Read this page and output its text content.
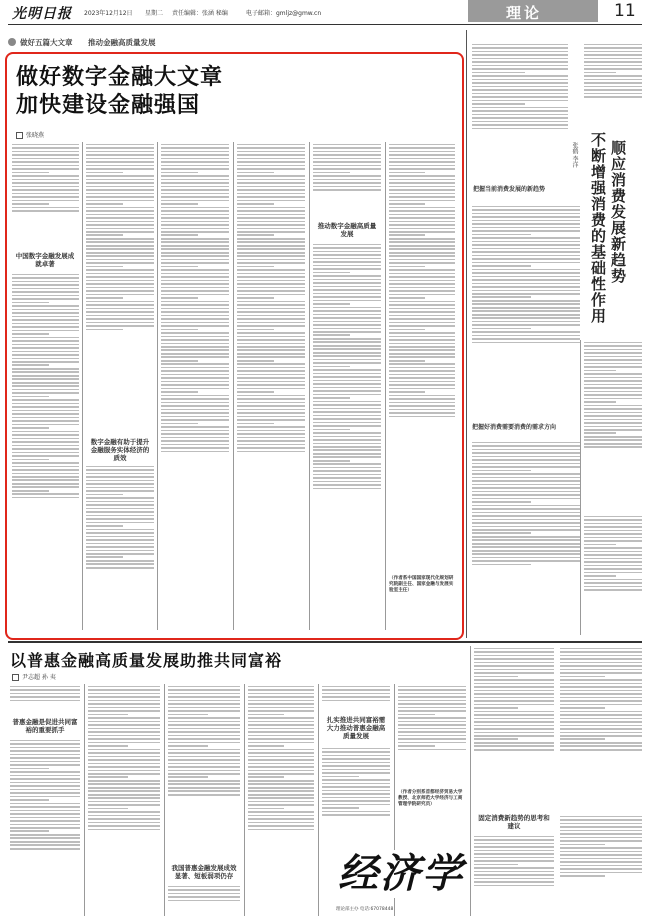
光明日报 2023年12月12日 星期二 责任编辑：张涵 秘编	电子邮箱：gmljz@gmw.cn	理论	11
做好五篇大文章 推动金融高质量发展
做好数字金融大文章
加快建设金融强国
张晓燕
中国数字金融发展成就卓著
数字金融有助于提升金融服务实体经济的质效
推动数字金融高质量发展
（作者系中国国家现代化规划研究院副主任、国家金融与发展实验室主任）
顺应消费发展新趋势
不断增强消费的基础性作用
张鹤 李洋
把握当前消费发展的新趋势
把握好消费需要消费的需求方向
以普惠金融高质量发展助推共同富裕
尹志超 孙 夷
普惠金融是促进共同富裕的重要抓手
我国普惠金融发展成效显著、短板弱项仍存
扎实推进共同富裕需大力推动普惠金融高质量发展
（作者分别系首都经济贸易大学教授、北京师范大学经济与工商管理学院研究员）
固定消费新趋势的思考和建议
经济学
理论部主办 电话:67078448
